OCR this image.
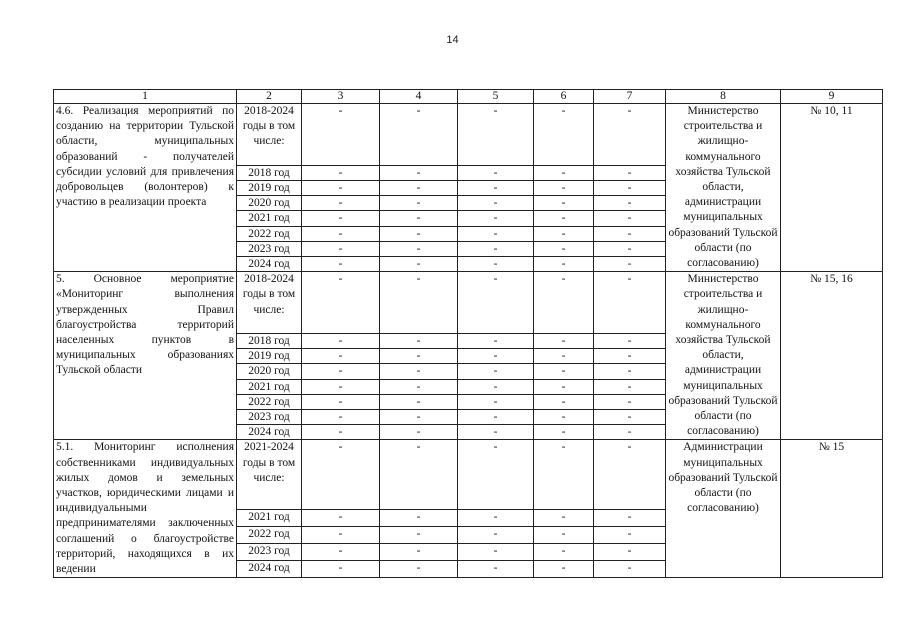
14
1	2	3	4	5	6	7	8	9
4.6. Реализация мероприятий по созданию на территории Тульской области, муниципальных образований - получателей субсидии условий для привлечения добровольцев (волонтеров) к участию в реализации проекта	2018-2024 годы в том числе:	-	-	-	-	-	Министерство строительства и жилищно-коммунального хозяйства Тульской области, администрации муниципальных образований Тульской области (по согласованию)	№ 10, 11
	2018 год	-	-	-	-	-		
	2019 год	-	-	-	-	-		
	2020 год	-	-	-	-	-		
	2021 год	-	-	-	-	-		
	2022 год	-	-	-	-	-		
	2023 год	-	-	-	-	-		
	2024 год	-	-	-	-	-		
5. Основное мероприятие «Мониторинг выполнения утвержденных Правил благоустройства территорий населенных пунктов в муниципальных образованиях Тульской области	2018-2024 годы в том числе:	-	-	-	-	-	Министерство строительства и жилищно-коммунального хозяйства Тульской области, администрации муниципальных образований Тульской области (по согласованию)	№ 15, 16
	2018 год	-	-	-	-	-		
	2019 год	-	-	-	-	-		
	2020 год	-	-	-	-	-		
	2021 год	-	-	-	-	-		
	2022 год	-	-	-	-	-		
	2023 год	-	-	-	-	-		
	2024 год	-	-	-	-	-		
5.1. Мониторинг исполнения собственниками индивидуальных жилых домов и земельных участков, юридическими лицами и индивидуальными предпринимателями заключенных соглашений о благоустройстве территорий, находящихся в их ведении	2021-2024 годы в том числе:	-	-	-	-	-	Администрации муниципальных образований Тульской области (по согласованию)	№ 15
	2021 год	-	-	-	-	-		
	2022 год	-	-	-	-	-		
	2023 год	-	-	-	-	-		
	2024 год	-	-	-	-	-		
